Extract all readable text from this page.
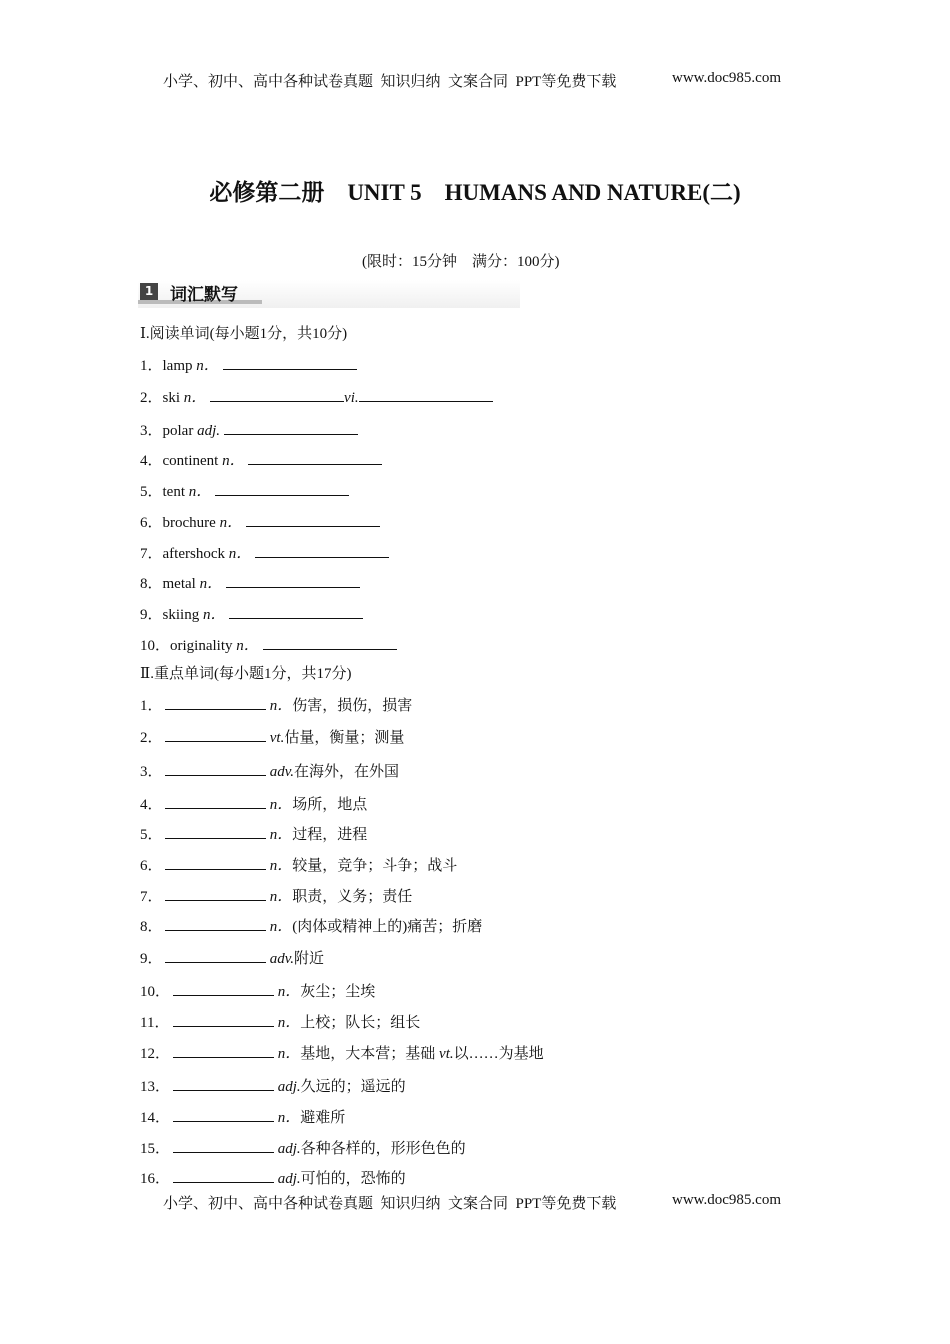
小学、初中、高中各种试卷真题  知识归纳  文案合同  PPT等免费下载	www.doc985.com
必修第二册　UNIT 5　HUMANS AND NATURE(二)
(限时：15分钟　满分：100分)
1 词汇默写
Ⅰ.阅读单词(每小题1分，共10分)
1．lamp n．
2．ski n．	vi.
3．polar adj.
4．continent n．
5．tent n．
6．brochure n．
7．aftershock n．
8．metal n．
9．skiing n．
10．originality n．
Ⅱ.重点单词(每小题1分，共17分)
1．	n．伤害，损伤，损害
2．	vt.估量，衡量；测量
3．	adv.在海外，在外国
4．	n．场所，地点
5．	n．过程，进程
6．	n．较量，竞争；斗争；战斗
7．	n．职责，义务；责任
8．	n．(肉体或精神上的)痛苦；折磨
9．	adv.附近
10．	n．灰尘；尘埃
11．	n．上校；队长；组长
12．	n．基地，大本营；基础 vt.以……为基地
13．	adj.久远的；遥远的
14．	n．避难所
15．	adj.各种各样的，形形色色的
16．	adj.可怕的，恐怖的
小学、初中、高中各种试卷真题  知识归纳  文案合同  PPT等免费下载	www.doc985.com
